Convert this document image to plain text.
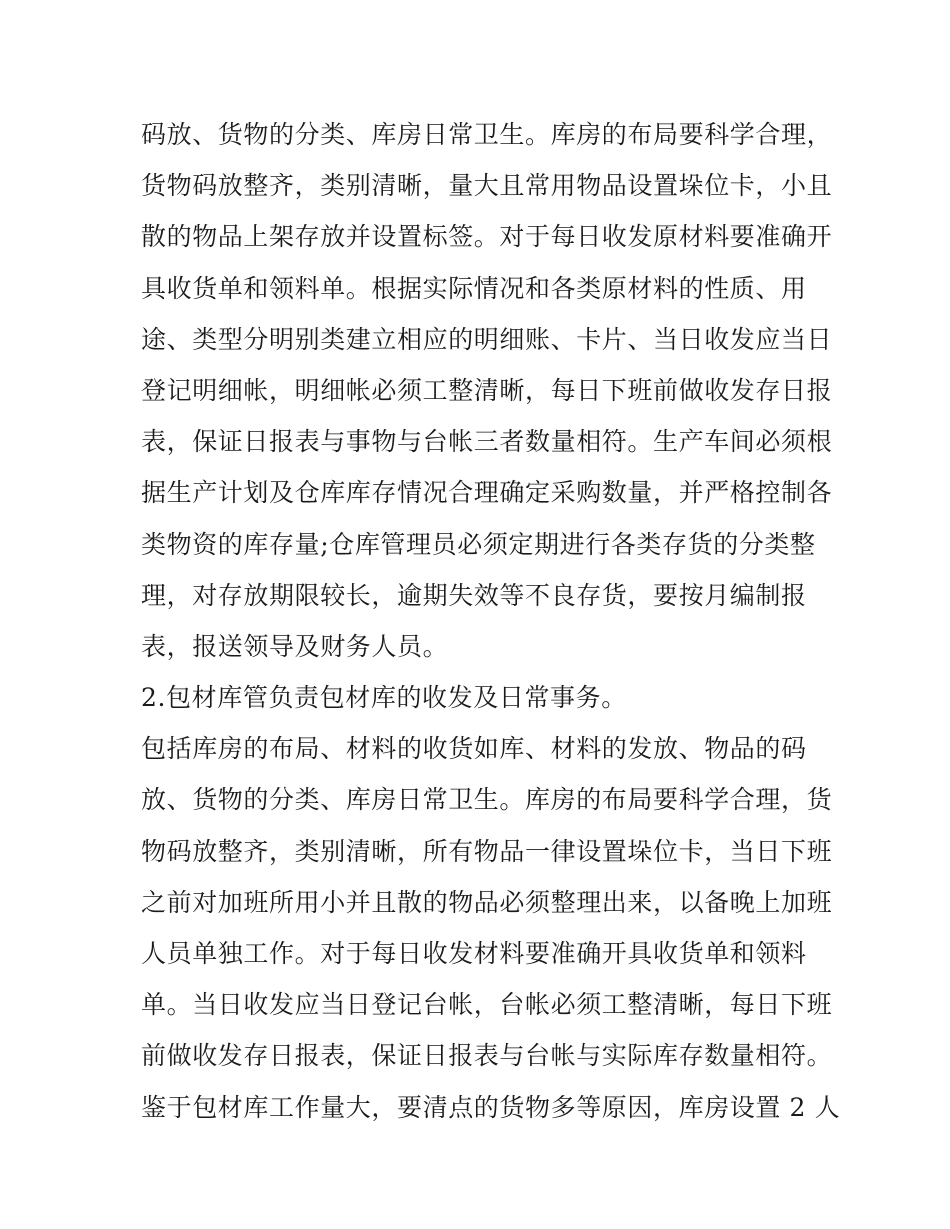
码放、货物的分类、库房日常卫生。库房的布局要科学合理，
货物码放整齐，类别清晰，量大且常用物品设置垛位卡，小且
散的物品上架存放并设置标签。对于每日收发原材料要准确开
具收货单和领料单。根据实际情况和各类原材料的性质、用
途、类型分明别类建立相应的明细账、卡片、当日收发应当日
登记明细帐，明细帐必须工整清晰，每日下班前做收发存日报
表，保证日报表与事物与台帐三者数量相符。生产车间必须根
据生产计划及仓库库存情况合理确定采购数量，并严格控制各
类物资的库存量;仓库管理员必须定期进行各类存货的分类整
理，对存放期限较长，逾期失效等不良存货，要按月编制报
表，报送领导及财务人员。
2.包材库管负责包材库的收发及日常事务。
包括库房的布局、材料的收货如库、材料的发放、物品的码
放、货物的分类、库房日常卫生。库房的布局要科学合理，货
物码放整齐，类别清晰，所有物品一律设置垛位卡，当日下班
之前对加班所用小并且散的物品必须整理出来，以备晚上加班
人员单独工作。对于每日收发材料要准确开具收货单和领料
单。当日收发应当日登记台帐，台帐必须工整清晰，每日下班
前做收发存日报表，保证日报表与台帐与实际库存数量相符。
鉴于包材库工作量大，要清点的货物多等原因，库房设置 2 人
